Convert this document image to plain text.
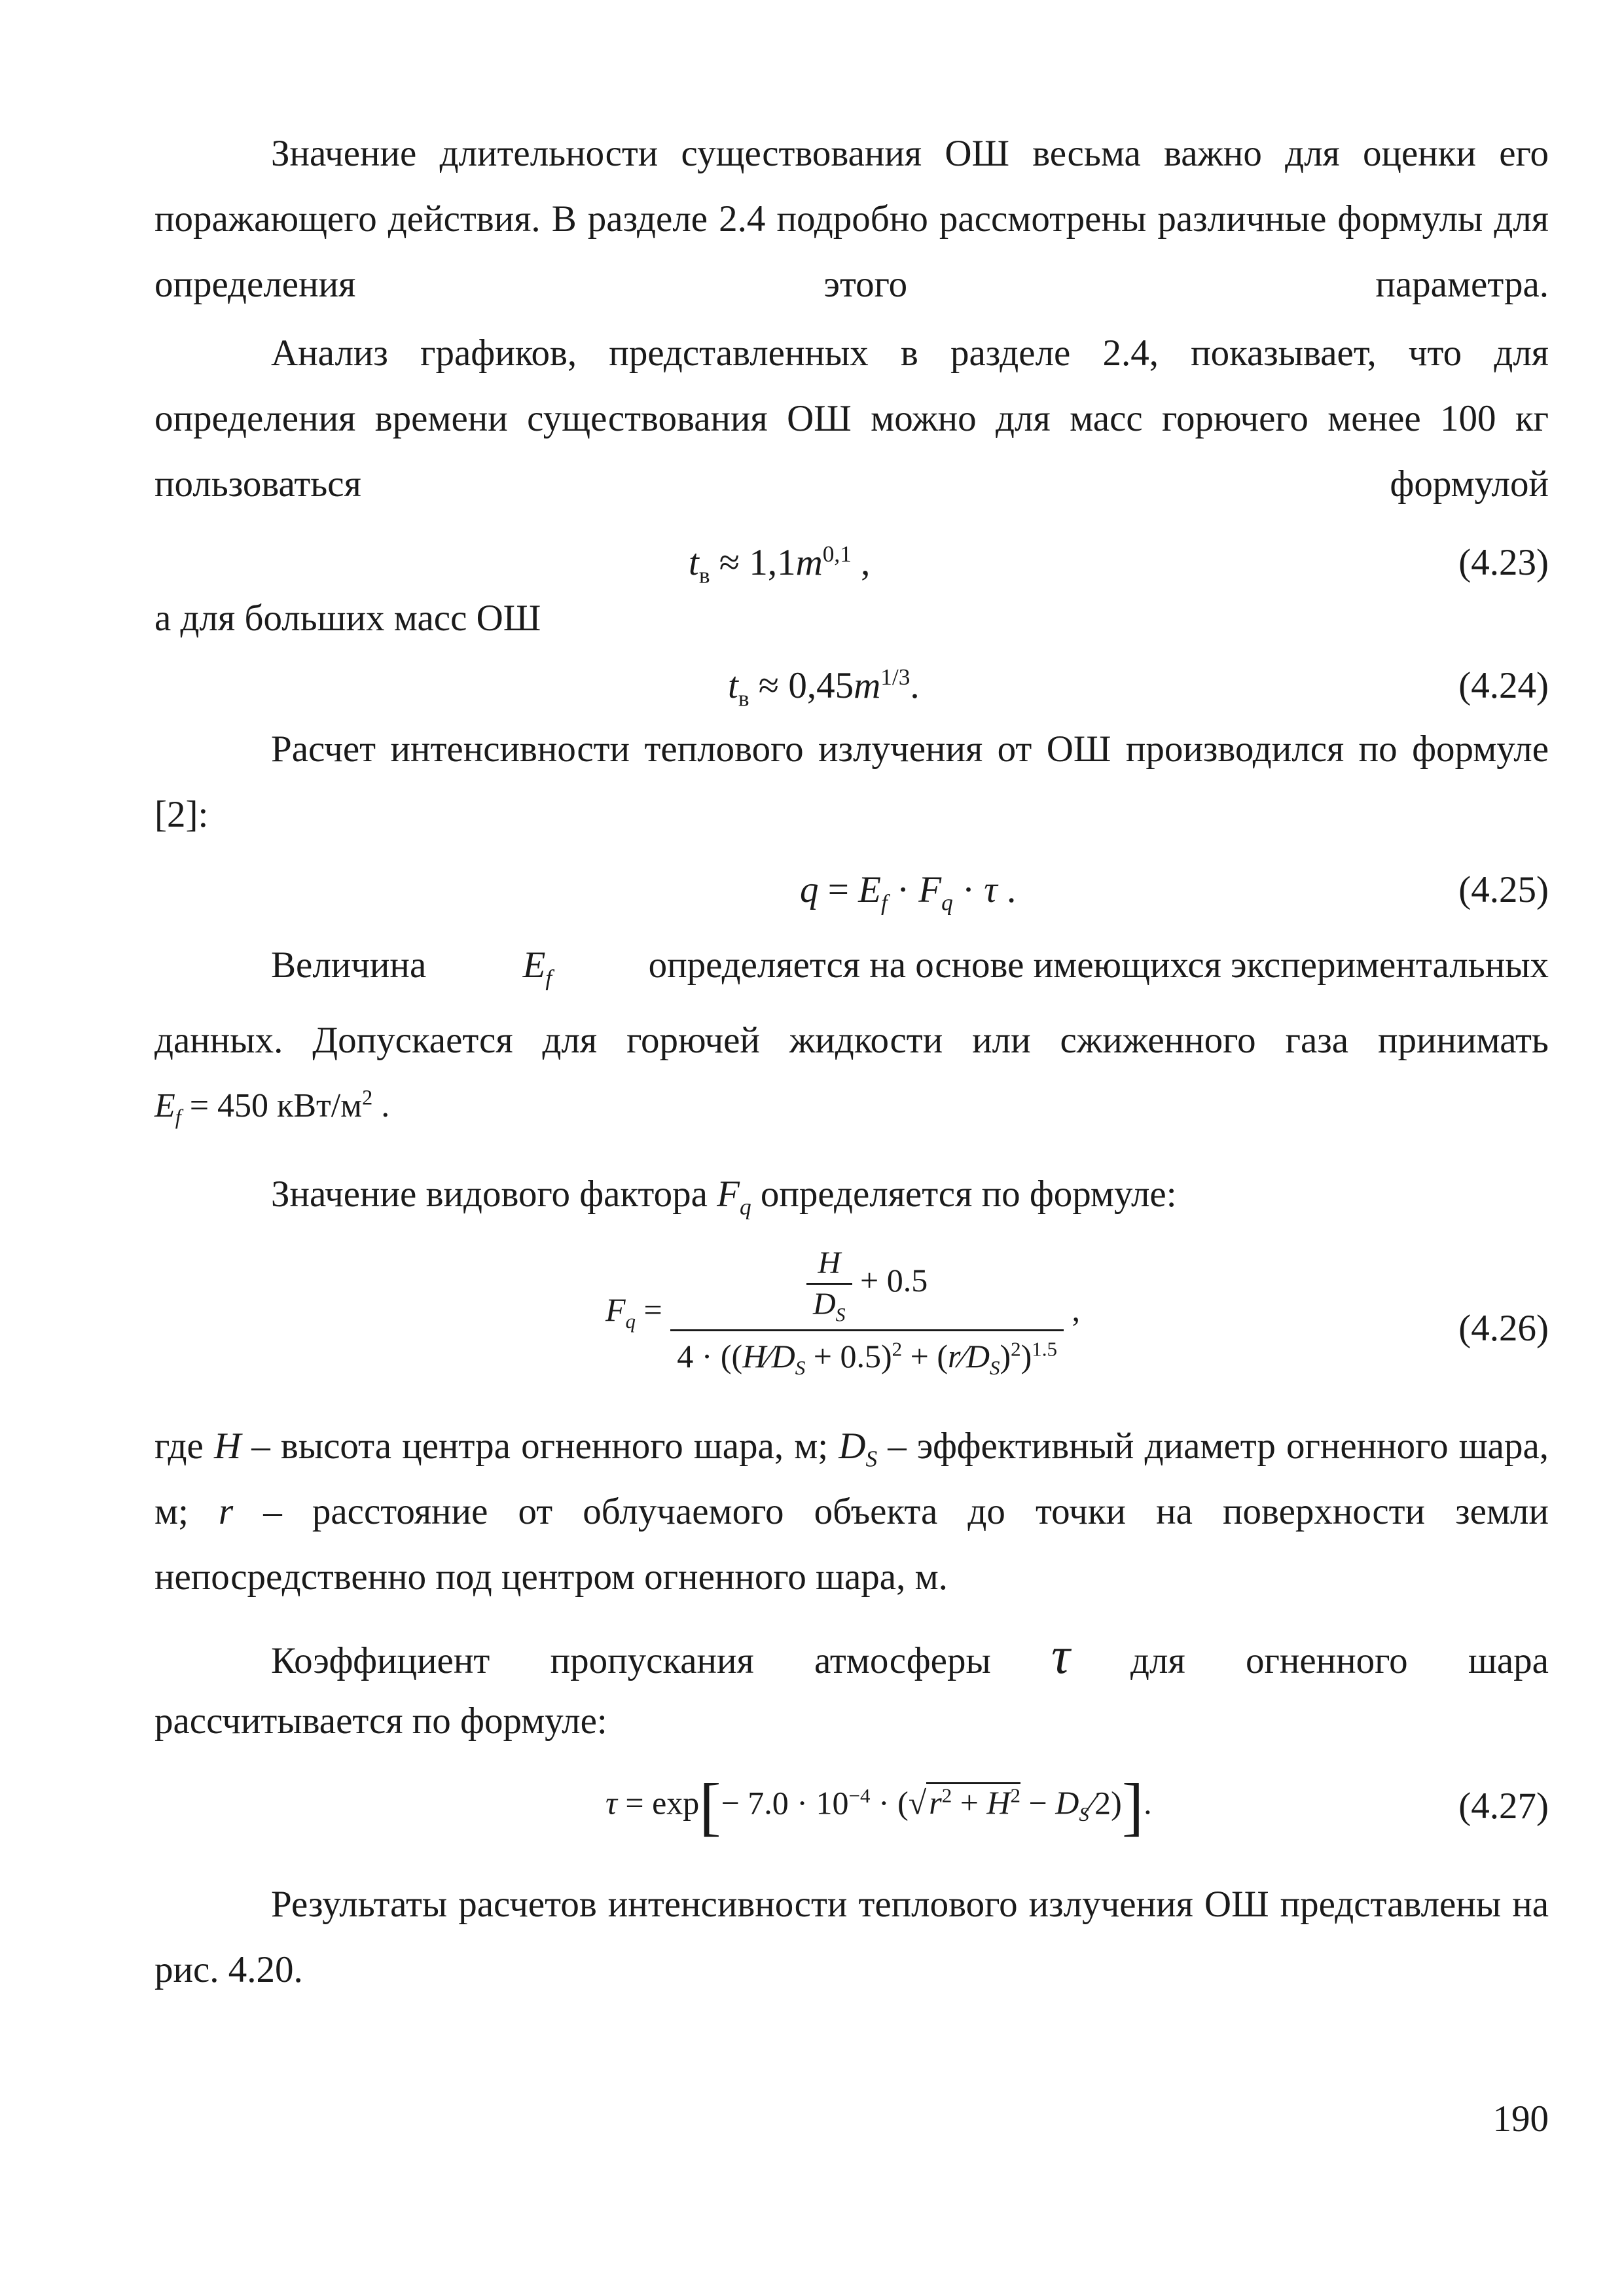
Значение длительности существования ОШ весьма важно для оценки его поражающего действия. В разделе 2.4 подробно рассмотрены различные формулы для определения этого параметра.
Анализ графиков, представленных в разделе 2.4, показывает, что для определения времени существования ОШ можно для масс горючего менее 100 кг пользоваться формулой
$t_в \approx 1,1m^{0,1}$ ,	(4.23)
а для больших масс ОШ
$t_в \approx 0,45m^{1/3}$.	(4.24)
Расчет интенсивности теплового излучения от ОШ производился по формуле [2]:
$q = E_f \cdot F_q \cdot \tau$ .	(4.25)
Величина	$E_f$	определяется на основе имеющихся экспериментальных
данных. Допускается для горючей жидкости или сжиженного газа принимать
$E_f = 450$ кВт/$м^2$ .
Значение видового фактора $F_q$ определяется по формуле:
$F_q = \frac{\frac{H}{D_S} + 0.5}{4 \cdot ((H⁄D_S + 0.5)^2 + (r⁄D_S)^2)^{1.5}}$ ,	(4.26)
где H – высота центра огненного шара, м; $D_S$ – эффективный диаметр огненного шара, м; r – расстояние от облучаемого объекта до точки на поверхности земли непосредственно под центром огненного шара, м.
Коэффициент пропускания атмосферы τ для огненного шара
рассчитывается по формуле:
$\tau = \exp[- 7.0 \cdot 10^{-4} \cdot (√r^2 + H^2$ − $D_S⁄2$)].	(4.27)
Результаты расчетов интенсивности теплового излучения ОШ представлены на рис. 4.20.
190
